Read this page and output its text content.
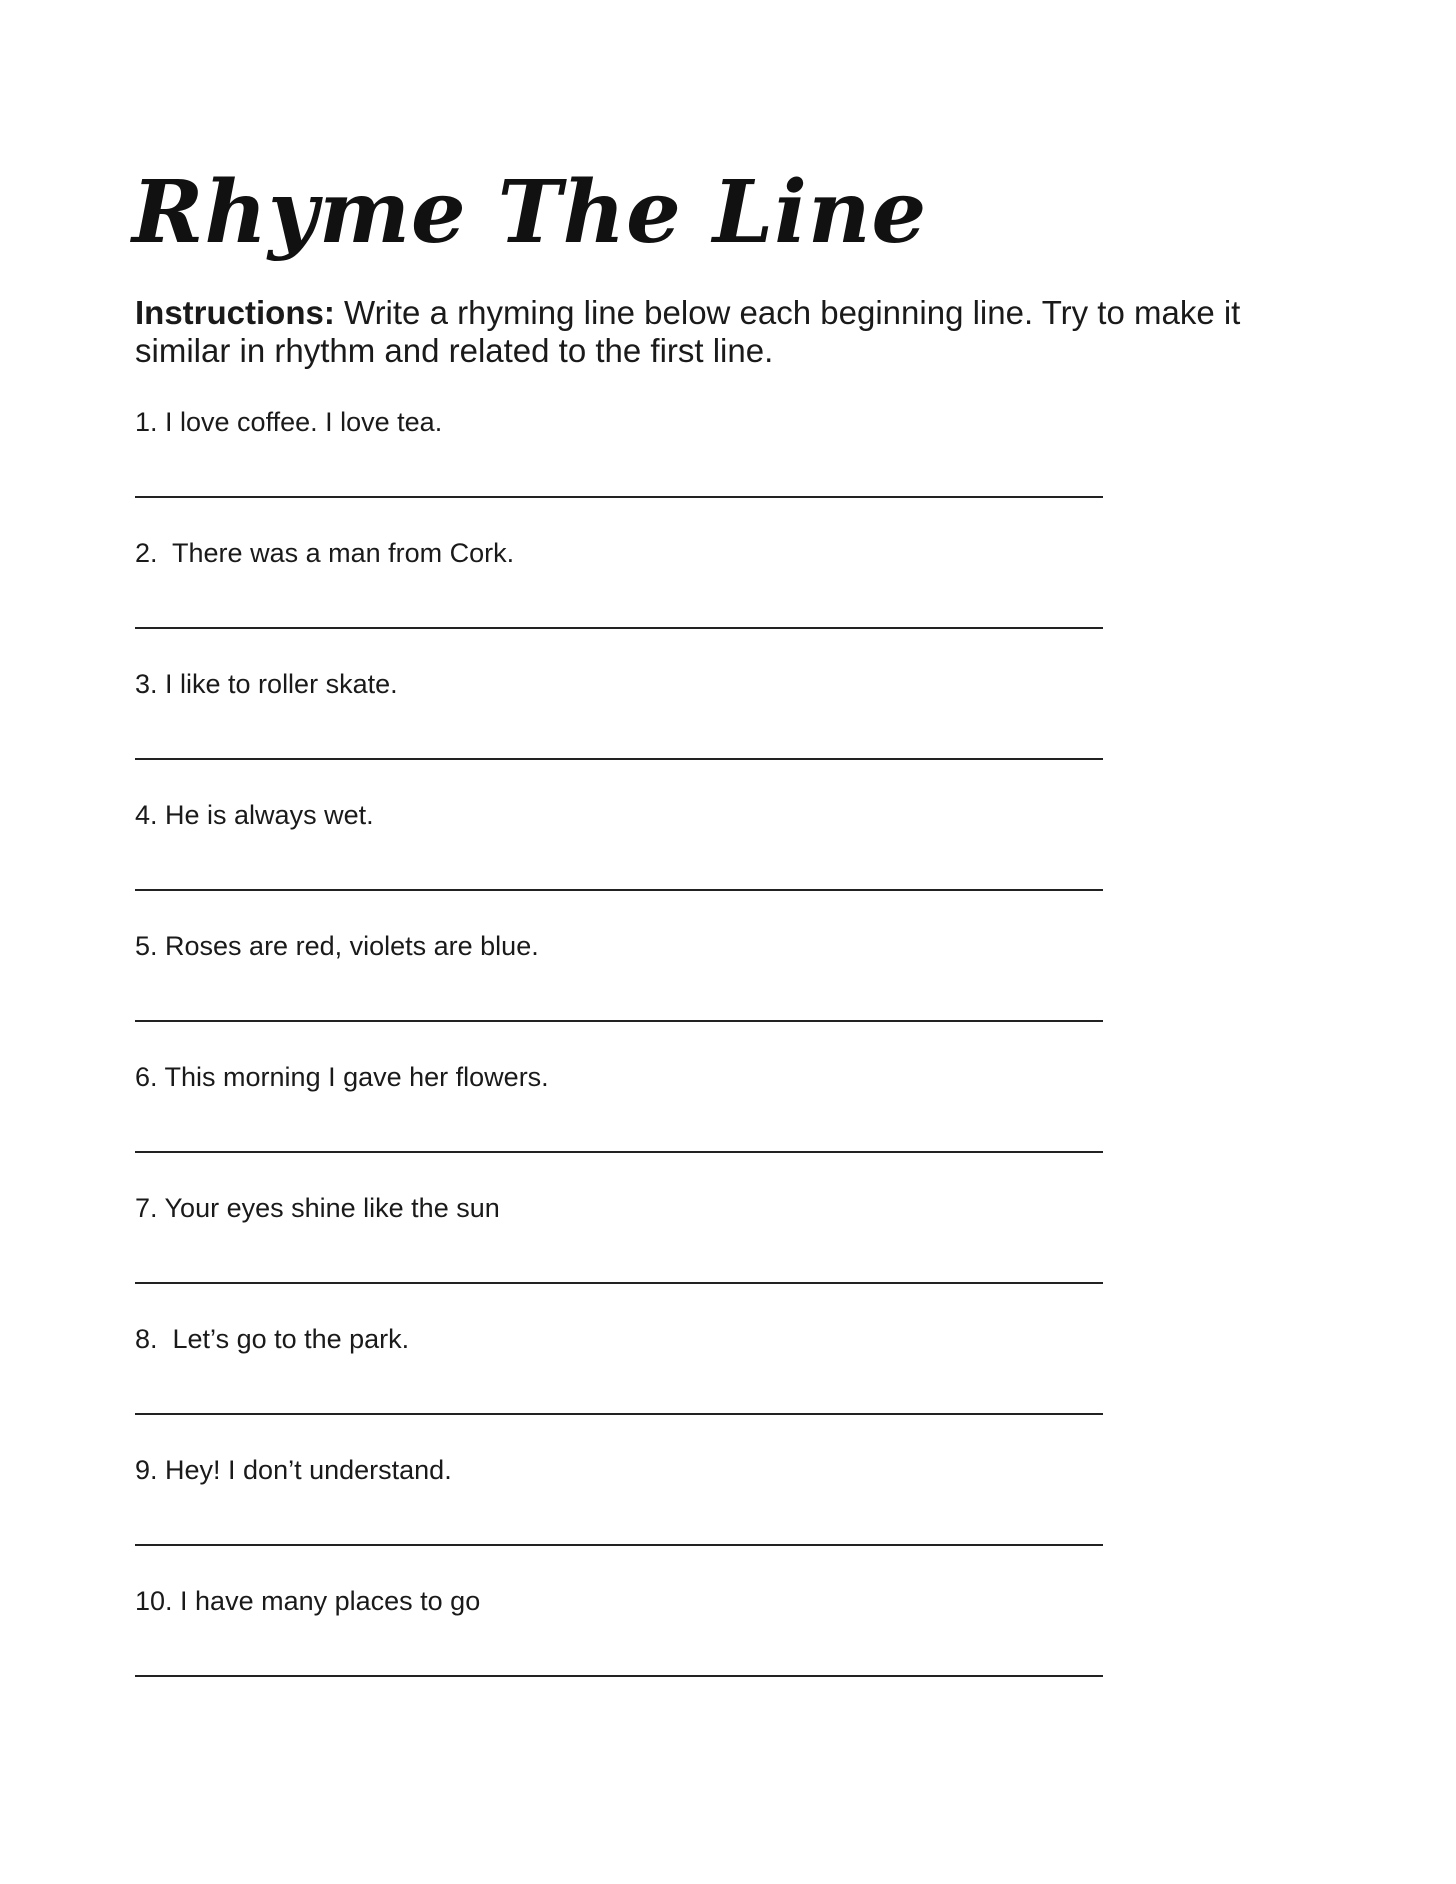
Rhyme The Line

Instructions: Write a rhyming line below each beginning line. Try to make it similar in rhythm and related to the first line.

1. I love coffee. I love tea.
2.  There was a man from Cork.
3. I like to roller skate.
4. He is always wet.
5. Roses are red, violets are blue.
6. This morning I gave her flowers.
7. Your eyes shine like the sun
8.  Let’s go to the park.
9. Hey! I don’t understand.
10. I have many places to go
